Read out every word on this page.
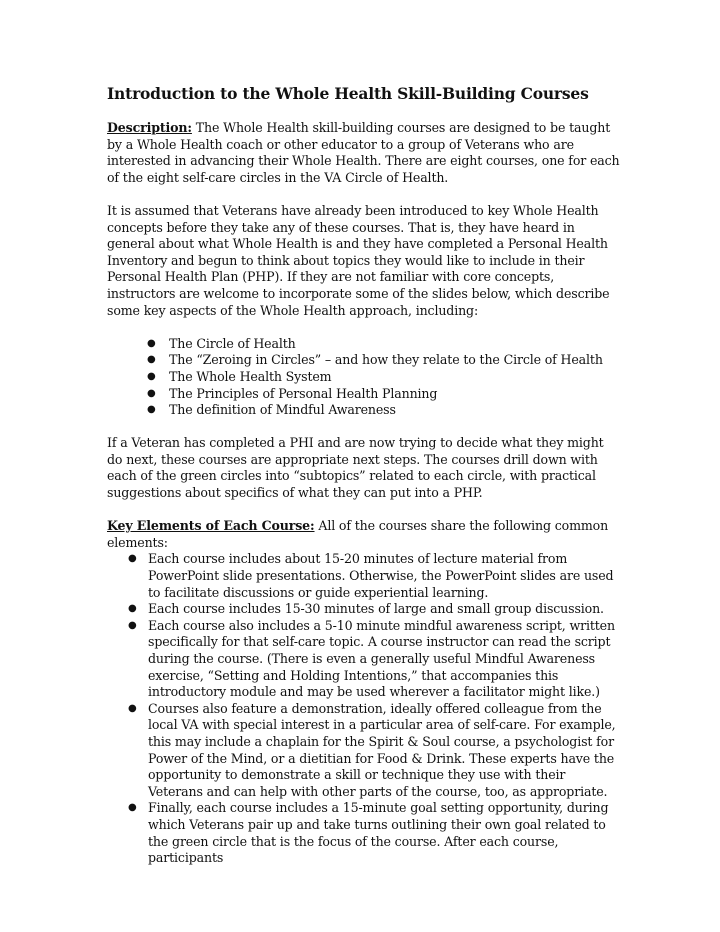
Introduction to the Whole Health Skill-Building Courses

Description: The Whole Health skill-building courses are designed to be taught by a Whole Health coach or other educator to a group of Veterans who are interested in advancing their Whole Health. There are eight courses, one for each of the eight self-care circles in the VA Circle of Health.

It is assumed that Veterans have already been introduced to key Whole Health concepts before they take any of these courses. That is, they have heard in general about what Whole Health is and they have completed a Personal Health Inventory and begun to think about topics they would like to include in their Personal Health Plan (PHP). If they are not familiar with core concepts, instructors are welcome to incorporate some of the slides below, which describe some key aspects of the Whole Health approach, including:

● The Circle of Health
● The “Zeroing in Circles” – and how they relate to the Circle of Health
● The Whole Health System
● The Principles of Personal Health Planning
● The definition of Mindful Awareness

If a Veteran has completed a PHI and are now trying to decide what they might do next, these courses are appropriate next steps. The courses drill down with each of the green circles into “subtopics” related to each circle, with practical suggestions about specifics of what they can put into a PHP.

Key Elements of Each Course: All of the courses share the following common elements:

● Each course includes about 15-20 minutes of lecture material from PowerPoint slide presentations. Otherwise, the PowerPoint slides are used to facilitate discussions or guide experiential learning.
● Each course includes 15-30 minutes of large and small group discussion.
● Each course also includes a 5-10 minute mindful awareness script, written specifically for that self-care topic. A course instructor can read the script during the course. (There is even a generally useful Mindful Awareness exercise, “Setting and Holding Intentions,” that accompanies this introductory module and may be used wherever a facilitator might like.)
● Courses also feature a demonstration, ideally offered colleague from the local VA with special interest in a particular area of self-care. For example, this may include a chaplain for the Spirit & Soul course, a psychologist for Power of the Mind, or a dietitian for Food & Drink. These experts have the opportunity to demonstrate a skill or technique they use with their Veterans and can help with other parts of the course, too, as appropriate.
● Finally, each course includes a 15-minute goal setting opportunity, during which Veterans pair up and take turns outlining their own goal related to the green circle that is the focus of the course. After each course, participants
